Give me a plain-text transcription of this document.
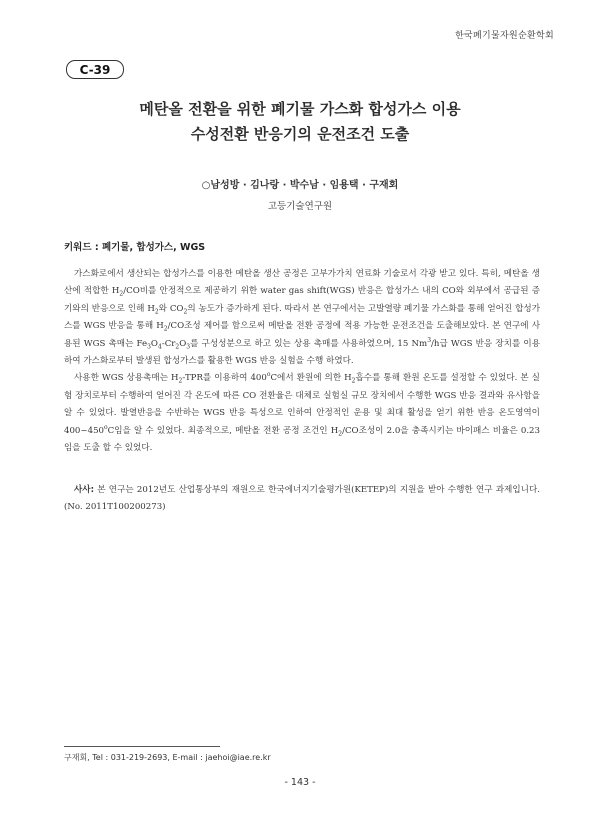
한국폐기물자원순환학회
C-39
메탄올 전환을 위한 폐기물 가스화 합성가스 이용
수성전환 반응기의 운전조건 도출
○남성방 · 김나랑 · 박수남 · 임용택 · 구재회
고등기술연구원
키워드 : 폐기물, 합성가스, WGS

가스화로에서 생산되는 합성가스를 이용한 메탄올 생산 공정은 고부가가치 연료화 기술로서 각광 받고 있다. 특히, 메탄올 생산에 적합한 $H_2/CO$비를 안정적으로 제공하기 위한 water gas shift(WGS) 반응은 합성가스 내의 CO와 외부에서 공급된 증기와의 반응으로 인해 $H_2$와 $CO_2$의 농도가 증가하게 된다. 따라서 본 연구에서는 고발열량 폐기물 가스화를 통해 얻어진 합성가스를 WGS 반응을 통해 $H_2/CO$조성 제어를 함으로써 메탄올 전환 공정에 적용 가능한 운전조건을 도출해보았다. 본 연구에 사용된 WGS 촉매는 $Fe_3O_4-Cr_2O_3$를 구성성분으로 하고 있는 상용 촉매를 사용하였으며, 15 Nm$^3$/h급 WGS 반응 장치를 이용하여 가스화로부터 발생된 합성가스를 활용한 WGS 반응 실험을 수행 하였다.

사용한 WGS 상용촉매는 $H_2$-TPR를 이용하여 400$^o$C에서 환원에 의한 $H_2$흡수를 통해 환원 온도를 설정할 수 있었다. 본 실험 장치로부터 수행하여 얻어진 각 온도에 따른 CO 전환율은 대체로 실험실 규모 장치에서 수행한 WGS 반응 결과와 유사함을 알 수 있었다. 발열반응을 수반하는 WGS 반응 특성으로 인하여 안정적인 운용 및 최대 활성을 얻기 위한 반응 온도영역이 400~450$^o$C임을 알 수 있었다. 최종적으로, 메탄올 전환 공정 조건인 $H_2/CO$조성이 2.0을 충족시키는 바이패스 비율은 0.23임을 도출 할 수 있었다.

사사: 본 연구는 2012년도 산업통상부의 재원으로 한국에너지기술평가원(KETEP)의 지원을 받아 수행한 연구 과제입니다. (No. 2011T100200273)
구재회, Tel : 031-219-2693, E-mail : jaehoi@iae.re.kr
- 143 -
